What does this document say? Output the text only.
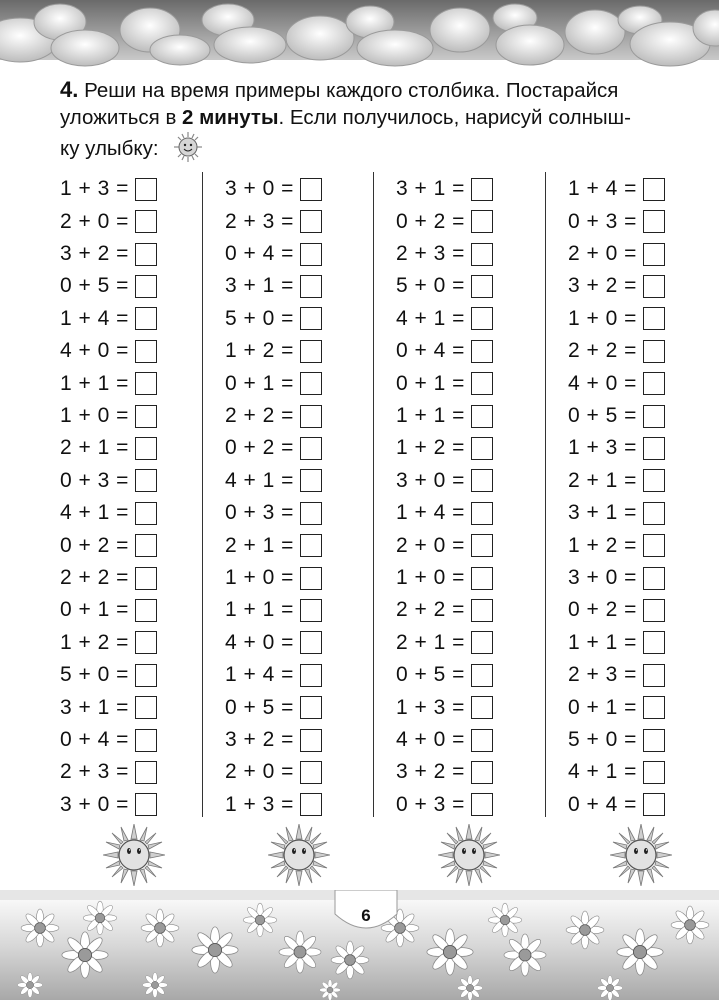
4. Реши на время примеры каждого столбика. Постарайся
уложиться в 2 минуты. Если получилось, нарисуй солныш-
ку улыбку:
1 + 3 =
2 + 0 =
3 + 2 =
0 + 5 =
1 + 4 =
4 + 0 =
1 + 1 =
1 + 0 =
2 + 1 =
0 + 3 =
4 + 1 =
0 + 2 =
2 + 2 =
0 + 1 =
1 + 2 =
5 + 0 =
3 + 1 =
0 + 4 =
2 + 3 =
3 + 0 =
3 + 0 =
2 + 3 =
0 + 4 =
3 + 1 =
5 + 0 =
1 + 2 =
0 + 1 =
2 + 2 =
0 + 2 =
4 + 1 =
0 + 3 =
2 + 1 =
1 + 0 =
1 + 1 =
4 + 0 =
1 + 4 =
0 + 5 =
3 + 2 =
2 + 0 =
1 + 3 =
3 + 1 =
0 + 2 =
2 + 3 =
5 + 0 =
4 + 1 =
0 + 4 =
0 + 1 =
1 + 1 =
1 + 2 =
3 + 0 =
1 + 4 =
2 + 0 =
1 + 0 =
2 + 2 =
2 + 1 =
0 + 5 =
1 + 3 =
4 + 0 =
3 + 2 =
0 + 3 =
1 + 4 =
0 + 3 =
2 + 0 =
3 + 2 =
1 + 0 =
2 + 2 =
4 + 0 =
0 + 5 =
1 + 3 =
2 + 1 =
3 + 1 =
1 + 2 =
3 + 0 =
0 + 2 =
1 + 1 =
2 + 3 =
0 + 1 =
5 + 0 =
4 + 1 =
0 + 4 =
6
